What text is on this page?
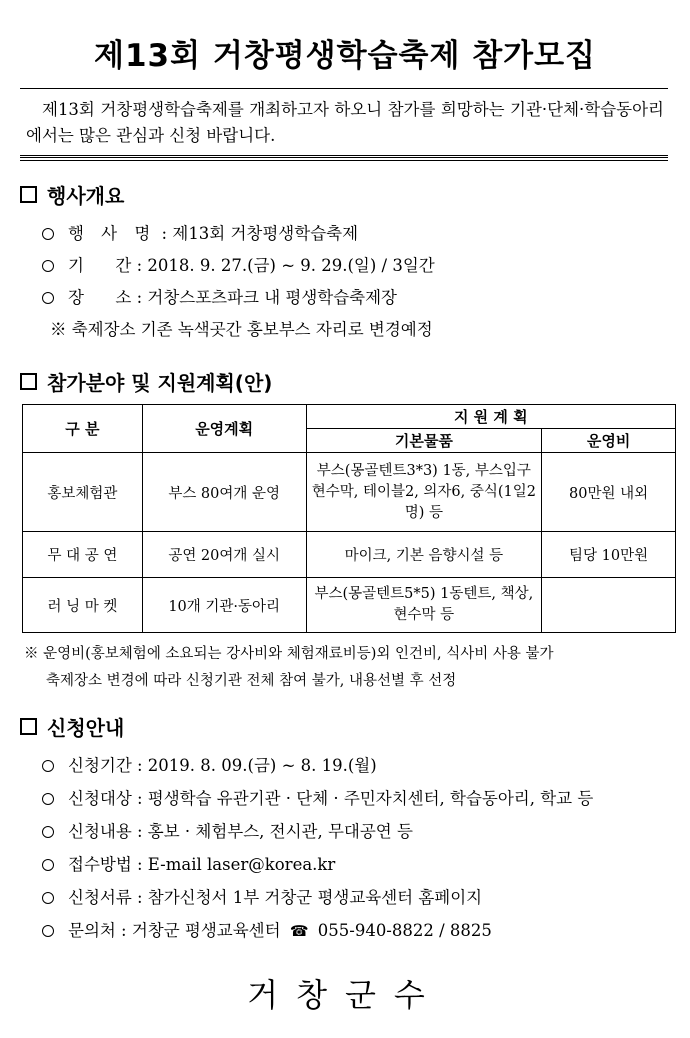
제13회 거창평생학습축제 참가모집
제13회 거창평생학습축제를 개최하고자 하오니 참가를 희망하는 기관·단체·학습동아리에서는 많은 관심과 신청 바랍니다.
행사개요
행 사 명 : 제13회 거창평생학습축제
기      간 : 2018. 9. 27.(금) ~ 9. 29.(일) / 3일간
장      소 : 거창스포츠파크 내 평생학습축제장
※ 축제장소 기존 녹색곳간 홍보부스 자리로 변경예정
참가분야 및 지원계획(안)
구 분	운영계획	지 원 계 획	
		기본물품	운영비
홍보체험관	부스 80여개 운영	부스(몽골텐트3*3) 1동, 부스입구현수막, 테이블2, 의자6, 중식(1일2명) 등	80만원 내외
무 대 공 연	공연 20여개 실시	마이크, 기본 음향시설 등	팀당 10만원
러 닝 마 켓	10개 기관·동아리	부스(몽골텐트5*5) 1동텐트, 책상, 현수막 등	
※ 운영비(홍보체험에 소요되는 강사비와 체험재료비등)외 인건비, 식사비 사용 불가
축제장소 변경에 따라 신청기관 전체 참여 불가, 내용선별 후 선정
신청안내
신청기간 : 2019. 8. 09.(금) ~ 8. 19.(월)
신청대상 : 평생학습 유관기관 · 단체 · 주민자치센터, 학습동아리, 학교 등
신청내용 : 홍보 · 체험부스, 전시관, 무대공연 등
접수방법 : E-mail laser@korea.kr
신청서류 : 참가신청서 1부 거창군 평생교육센터 홈페이지
문의처 : 거창군 평생교육센터 ☎ 055-940-8822 / 8825
거창군수
